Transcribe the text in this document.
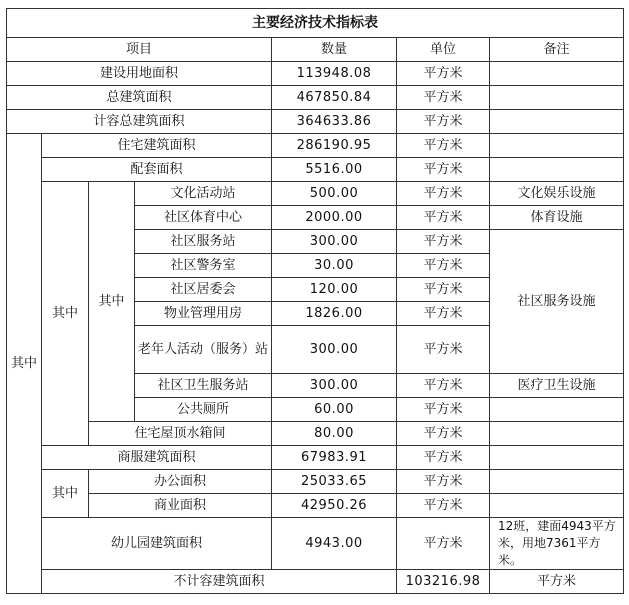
主要经济技术指标表							
项目				数量	单位	备注	
建设用地面积				113948.08	平方米		
总建筑面积				467850.84	平方米		
计容总建筑面积				364633.86	平方米		
其中	住宅建筑面积			286190.95	平方米		
	配套面积			5516.00	平方米		
	其中	其中	文化活动站	500.00	平方米	文化娱乐设施	
			社区体育中心	2000.00	平方米	体育设施	
			社区服务站	300.00	平方米	社区服务设施	
			社区警务室	30.00	平方米		
			社区居委会	120.00	平方米		
			物业管理用房	1826.00	平方米		
			老年人活动（服务）站	300.00	平方米		
			社区卫生服务站	300.00	平方米	医疗卫生设施	
			公共厕所	60.00	平方米		
		住宅屋顶水箱间		80.00	平方米		
	商服建筑面积			67983.91	平方米		
	其中	办公面积		25033.65	平方米		
		商业面积		42950.26	平方米		
	幼儿园建筑面积			4943.00	平方米	12班，建面4943平方米，用地7361平方米。	
	不计容建筑面积				103216.98	平方米	
